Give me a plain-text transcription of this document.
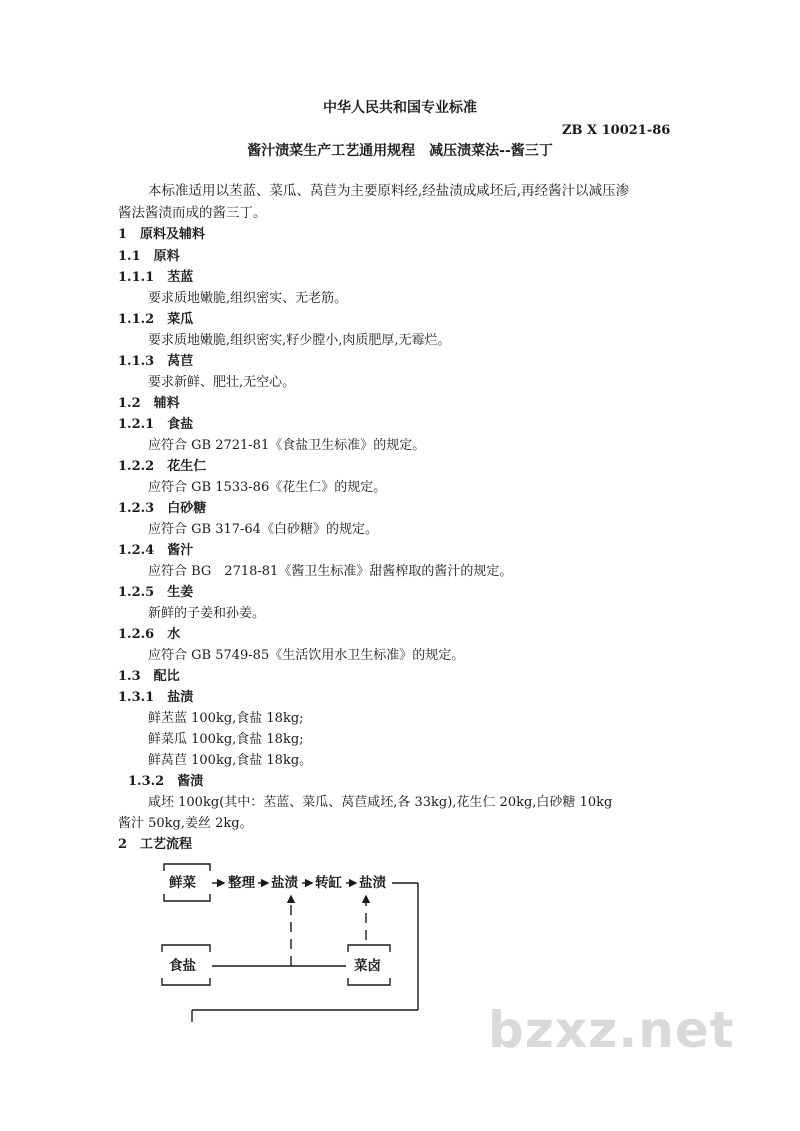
中华人民共和国专业标准
ZB X 10021-86
酱汁渍菜生产工艺通用规程　减压渍菜法--酱三丁
本标准适用以苤蓝、菜瓜、莴苣为主要原料经,经盐渍成咸坯后,再经酱汁以减压渗
酱法酱渍而成的酱三丁。
1　原料及辅料
1.1　原料
1.1.1　苤蓝
要求质地嫩脆,组织密实、无老筋。
1.1.2　菜瓜
要求质地嫩脆,组织密实,籽少膛小,肉质肥厚,无霉烂。
1.1.3　莴苣
要求新鲜、肥壮,无空心。
1.2　辅料
1.2.1　食盐
应符合 GB 2721-81《食盐卫生标准》的规定。
1.2.2　花生仁
应符合 GB 1533-86《花生仁》的规定。
1.2.3　白砂糖
应符合 GB 317-64《白砂糖》的规定。
1.2.4　酱汁
应符合 BG　2718-81《酱卫生标准》甜酱榨取的酱汁的规定。
1.2.5　生姜
新鲜的子姜和孙姜。
1.2.6　水
应符合 GB 5749-85《生活饮用水卫生标准》的规定。
1.3　配比
1.3.1　盐渍
鲜苤蓝 100kg,食盐 18kg;
鲜菜瓜 100kg,食盐 18kg;
鲜莴苣 100kg,食盐 18kg。
1.3.2　酱渍
咸坯 100kg(其中：苤蓝、菜瓜、莴苣咸坯,各 33kg),花生仁 20kg,白砂糖 10kg
酱汁 50kg,姜丝 2kg。
2　工艺流程
鲜菜 整理 盐渍 转缸 盐渍
食盐	菜卤
bzxz.net
